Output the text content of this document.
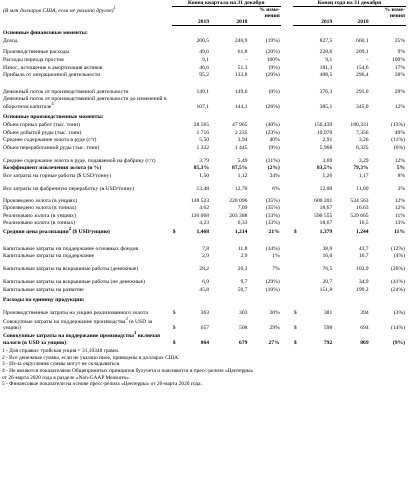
(В млн долларов США, если не указано другое)$^1$	Конец квартала на 31 декабря				Конец года на 31 декабря		
			% изме-нения				% изме-нения
	2019	2018			2019	2018	
Основные финансовые моменты:									
Доход		200,5	246,9	(19%)			827,5	660,1	25%

Производственные расходы		49,6	61,8	(20%)			228,6	209,1	9%
Расходы периода простоя		9,1	-	100%			9,1	-	100%
Износ, истощение и амортизация активов		46,6	51,3	(9%)			181,3	154,6	17%
Прибыль от операционной деятельности		95,2	133,8	(29%)			408,5	296,4	38%

Денежный поток от производственной деятельности		149,1	149,6	(0%)			376,3	291,0	29%
Денежный поток от производственной деятельности до изменений в оборотном капитале$^4$		107,1	144,1	(26%)			385,1	345,0	12%
Основные производственные моменты:									
Объем горных работ (тыс. тонн)		28 565	47 965	(40%)			156,439	180,331	(13%)
Объем добытой руды (тыс. тонн)		1 716	2 235	(23%)			10,970	7,356	49%
Среднее содержание золота в руде (г/т)		5,50	3,94	40%			2,91	3,26	(11%)
Объем переработанной руды (тыс. тонн)		1 322	1 445	(9%)			5,968	6,325	(6%)
Среднее содержание золота в руде, подаваемой на фабрику (г/т)		3,79	5,49	(31%)			3,69	3,29	12%
Коэффициент извлечения золота (в %)		85,3%	87,5%	(2%)			83,5%	79,3%	5%
Все затраты на горные работы ($ USD/тонну)		1,50	1,12	34%			1,26	1,17	8%
Все затраты на фабричную переработку (в USD/тонну)		13,48	12,70	6%			12,00	11,60	3%

Произведено золота (в унциях)		148 523	228 096	(35%)			600 201	534 563	12%
Произведено золота (в тоннах)		4,62	7,09	(35%)			18,67	16.63	12%
Реализовано золота (в унциях)		136 068	203 388	(33%)			590 555	529 665	11%
Реализовано золота (в тоннах)		4,23	6,33	(33%)			18,67	16,5	13%
Средняя цена реализации$^2$ ($ USD/унцию)	$	1,468	1,214	21%		$	1,379	1,244	11%

Капитальные затраты на поддержание основных фондов		7,8	11,8	(34%)			38,6	43,7	(12%)
Капитальные затраты на поддержание		2,9	2,9	1%			16,0	16,7	(4%)
Капитальные затраты на вскрышные работы (денежные)		28,2	26,3	7%			76,5	103,9	(26%)
Капитальные затраты на вскрышные работы (не денежные)		6,9	9,7	(29%)			20,7	34,9	(41%)
Капитальные затраты на развитие		45,8	50,7	(10%)			151,8	199,2	(24%)
Расходы на единицу продукции:									
Производственные затраты на унцию реализованного золота	$	363	303	20%		$	381	394	(3%)
Совокупные затраты на поддержание производства$^3$ (в USD за унцию)	$	657	508	29%		$	598	694	(14%)
Совокупные затраты на поддержание производства$^3$ включая налоги (в USD за унцию)	$	864	679	27%		$	792	869	(9%)
1 - Для справки: тройская унция = 31,10348 грамм.
2 - Все денежные суммы, если не указано иное, приведены в долларах США.
3 - Из-за округления суммы могут не складываться
4 - Не являются показателями Общепринятых принципов бухучета и поясняются в пресс-релизе «Центерры»
от 26-марта 2020 года в разделе «Non-GAAP Measures».
5 - Финансовые показатели на основе пресс-релиза «Центерры» от 26-марта 2020 года.
